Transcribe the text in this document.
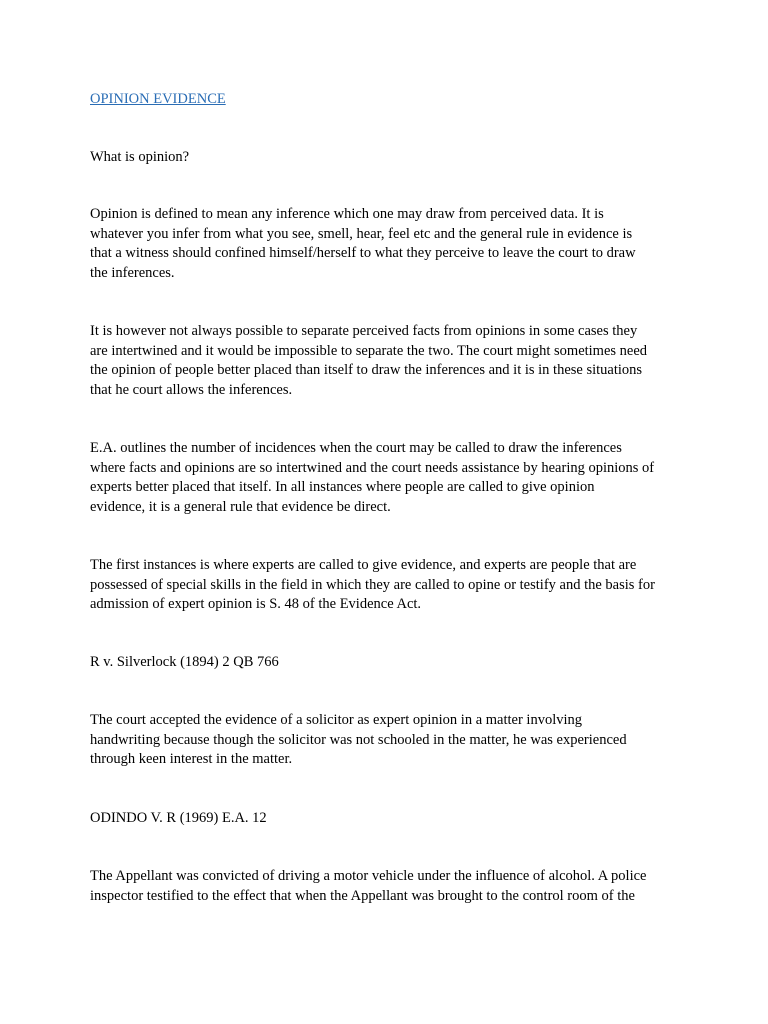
OPINION EVIDENCE

What is opinion?

Opinion is defined to mean any inference which one may draw from perceived data. It is
whatever you infer from what you see, smell, hear, feel etc and the general rule in evidence is
that a witness should confined himself/herself to what they perceive to leave the court to draw
the inferences.

It is however not always possible to separate perceived facts from opinions in some cases they
are intertwined and it would be impossible to separate the two. The court might sometimes need
the opinion of people better placed than itself to draw the inferences and it is in these situations
that he court allows the inferences.

E.A. outlines the number of incidences when the court may be called to draw the inferences
where facts and opinions are so intertwined and the court needs assistance by hearing opinions of
experts better placed that itself. In all instances where people are called to give opinion
evidence, it is a general rule that evidence be direct.

The first instances is where experts are called to give evidence, and experts are people that are
possessed of special skills in the field in which they are called to opine or testify and the basis for
admission of expert opinion is S. 48 of the Evidence Act.

R v. Silverlock (1894) 2 QB 766

The court accepted the evidence of a solicitor as expert opinion in a matter involving
handwriting because though the solicitor was not schooled in the matter, he was experienced
through keen interest in the matter.

ODINDO V. R (1969) E.A. 12

The Appellant was convicted of driving a motor vehicle under the influence of alcohol. A police
inspector testified to the effect that when the Appellant was brought to the control room of the
